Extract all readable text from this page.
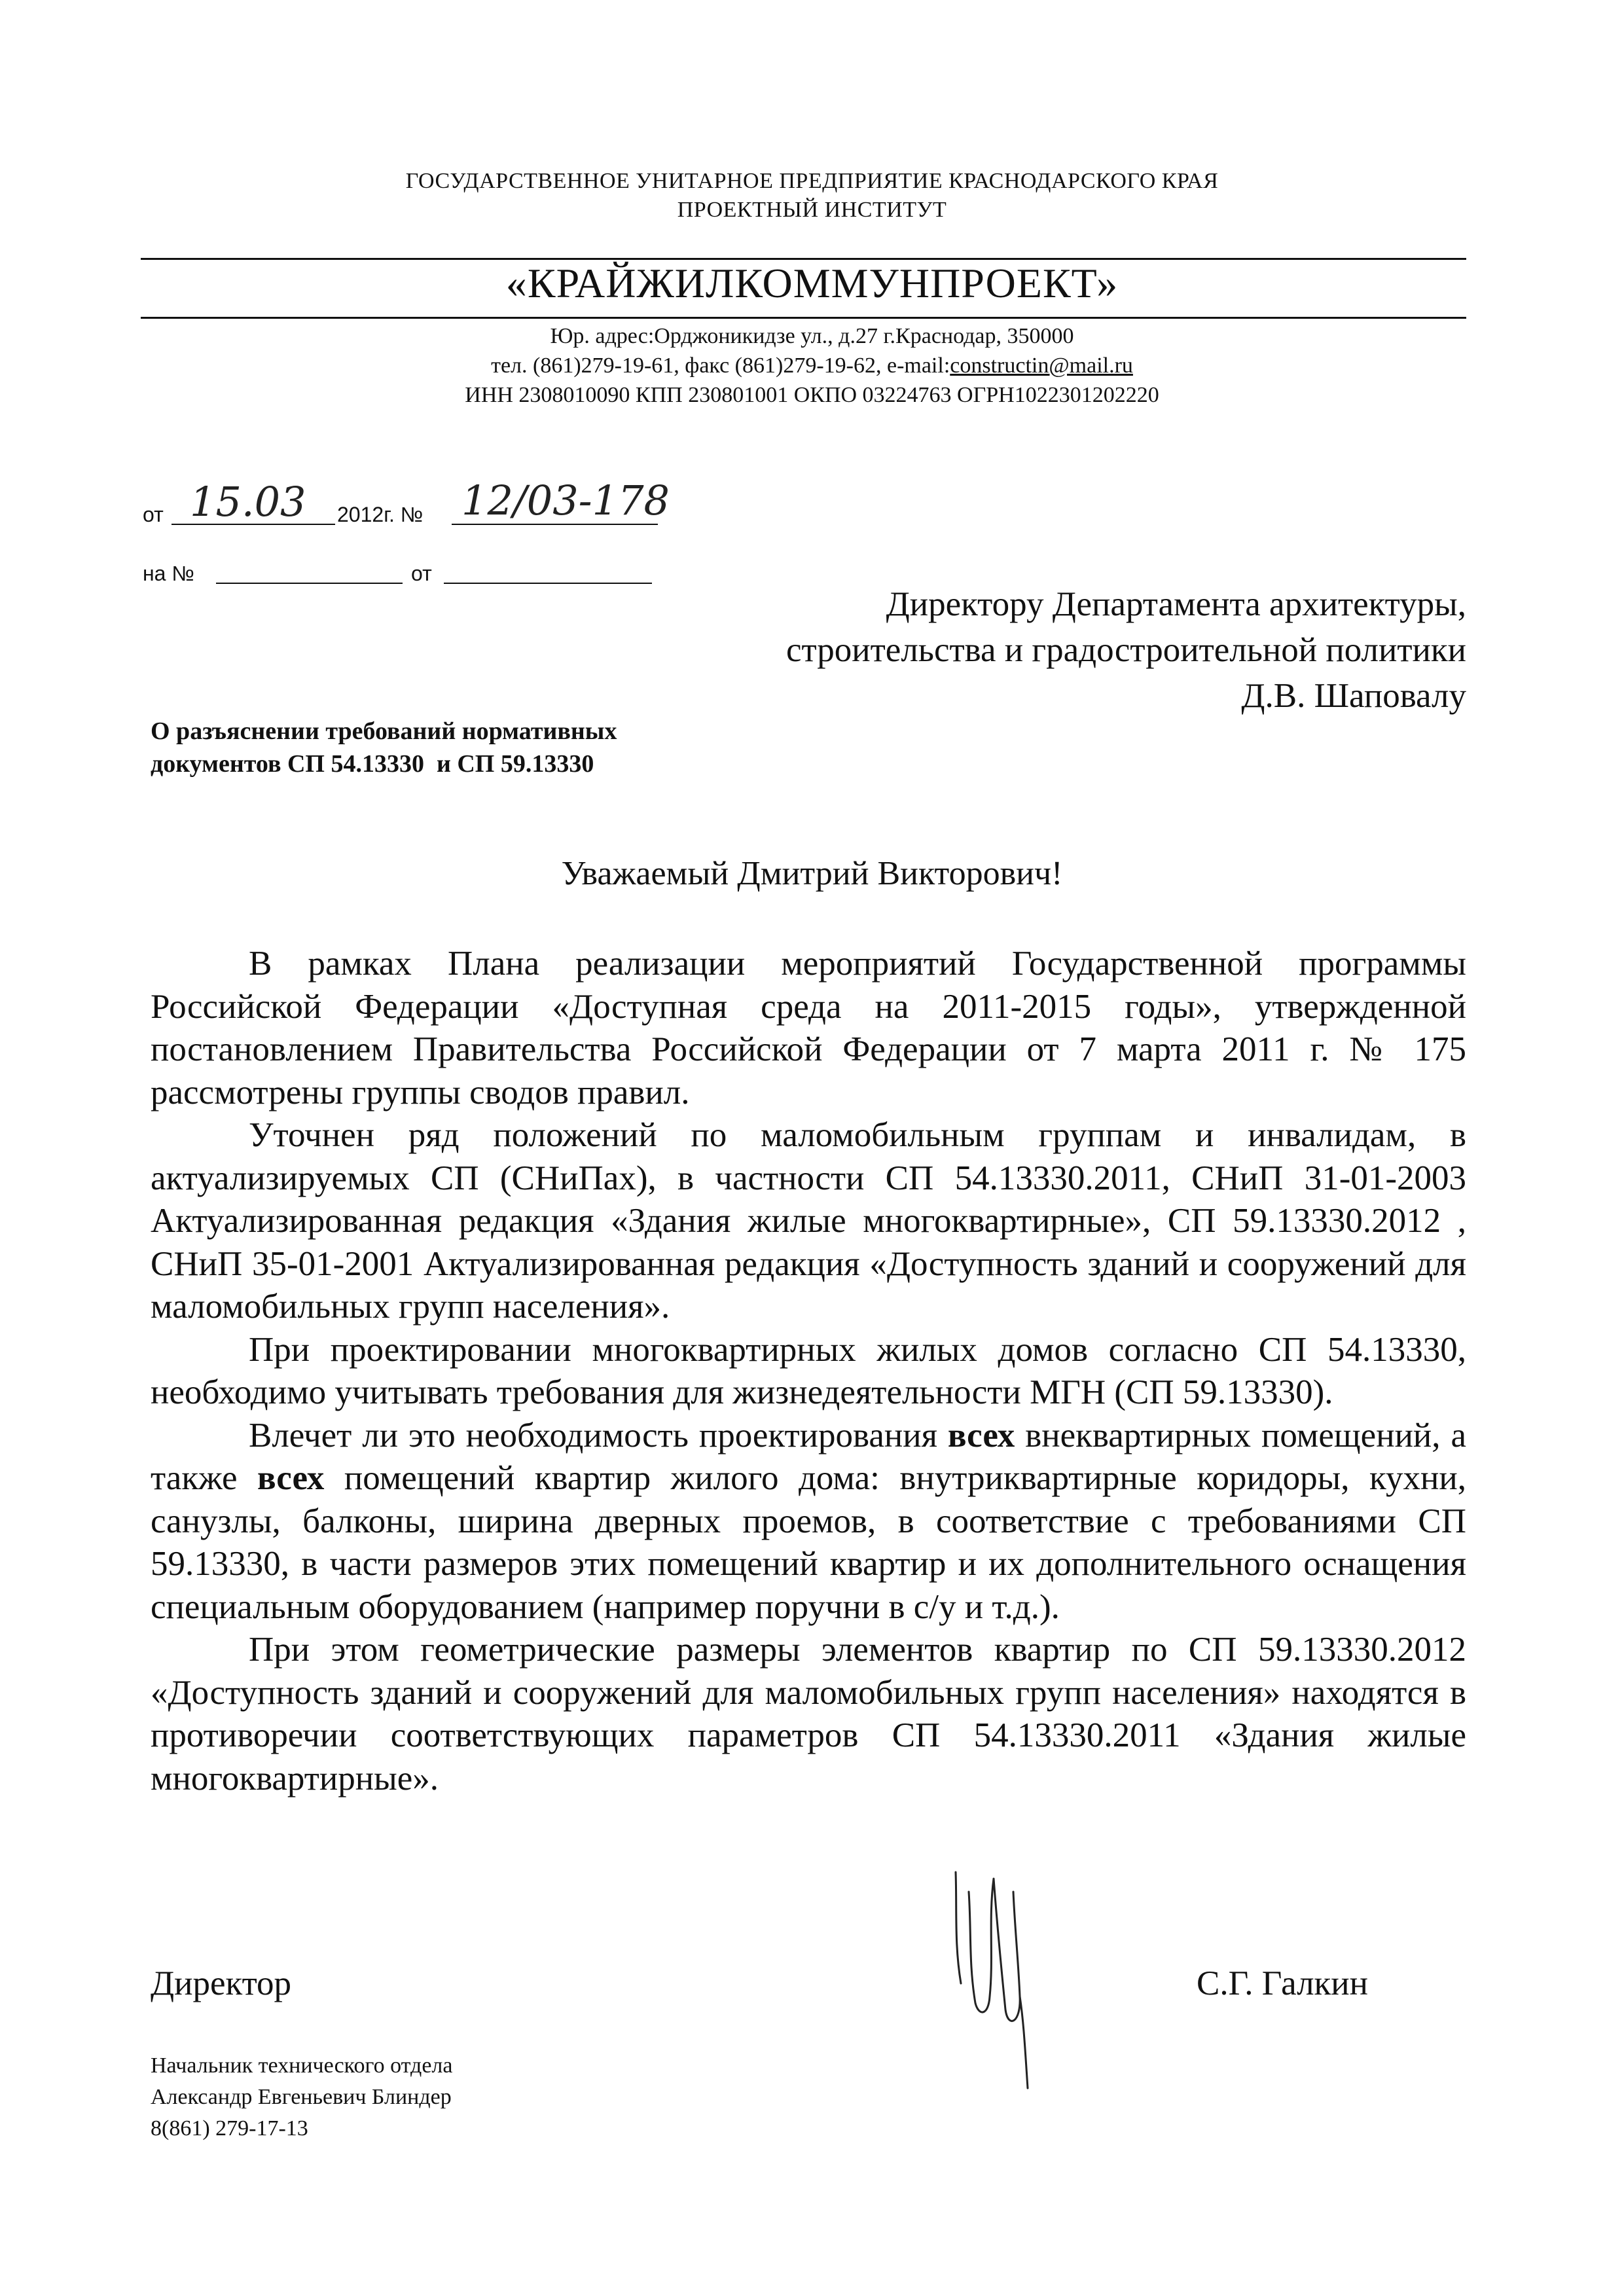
ГОСУДАРСТВЕННОЕ УНИТАРНОЕ ПРЕДПРИЯТИЕ КРАСНОДАРСКОГО КРАЯ
ПРОЕКТНЫЙ ИНСТИТУТ
«КРАЙЖИЛКОММУНПРОЕКТ»
Юр. адрес:Орджоникидзе ул., д.27 г.Краснодар, 350000
тел. (861)279-19-61, факс (861)279-19-62, e-mail:constructin@mail.ru
ИНН 2308010090 КПП 230801001 ОКПО 03224763 ОГРН1022301202220
от 15.03 2012г. № 12/03-178
на №	от
Директору Департамента архитектуры,
строительства и градостроительной политики
Д.В. Шаповалу
О разъяснении требований нормативных
документов СП 54.13330  и СП 59.13330
Уважаемый Дмитрий Викторович!

В рамках Плана реализации мероприятий Государственной программы Российской Федерации «Доступная среда на 2011-2015 годы», утвержденной постановлением Правительства Российской Федерации от 7 марта 2011 г. № 175 рассмотрены группы сводов правил.

Уточнен ряд положений по маломобильным группам и инвалидам, в актуализируемых СП (СНиПах), в частности СП 54.13330.2011, СНиП 31-01-2003 Актуализированная редакция «Здания жилые многоквартирные», СП 59.13330.2012 , СНиП 35-01-2001 Актуализированная редакция «Доступность зданий и сооружений для маломобильных групп населения».

При проектировании многоквартирных жилых домов согласно СП 54.13330, необходимо учитывать требования для жизнедеятельности МГН (СП 59.13330).

Влечет ли это необходимость проектирования всех внеквартирных помещений, а также всех помещений квартир жилого дома: внутриквартирные коридоры, кухни, санузлы, балконы, ширина дверных проемов, в соответствие с требованиями СП 59.13330, в части размеров этих помещений квартир и их дополнительного оснащения специальным оборудованием (например поручни в с/у и т.д.).

При этом геометрические размеры элементов квартир по СП 59.13330.2012 «Доступность зданий и сооружений для маломобильных групп населения» находятся в противоречии соответствующих параметров СП 54.13330.2011 «Здания жилые многоквартирные».

Директор	С.Г. Галкин
Начальник технического отдела
Александр Евгеньевич Блиндер
8(861) 279-17-13
